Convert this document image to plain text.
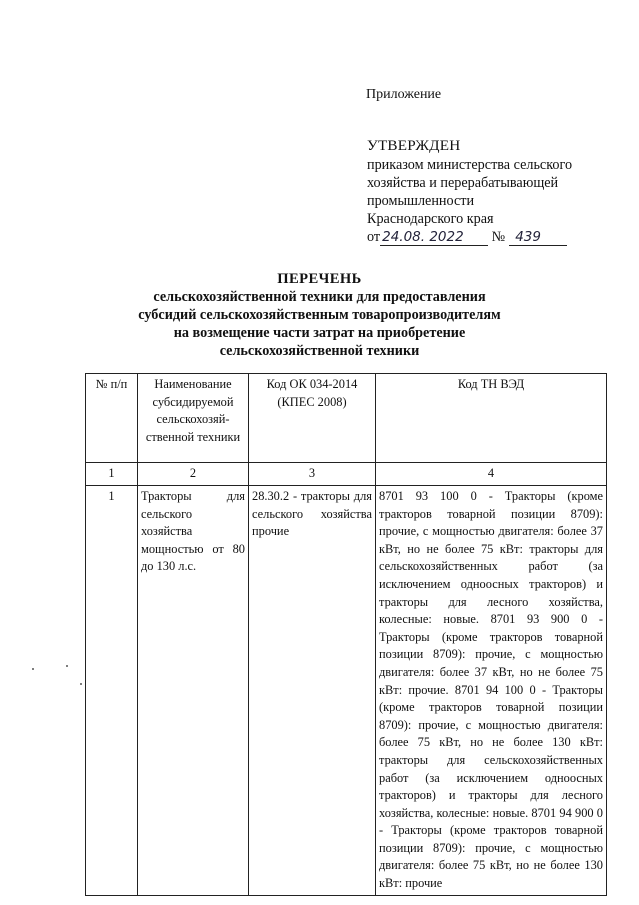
Приложение
УТВЕРЖДЕН
приказом министерства сельского
хозяйства и перерабатывающей
промышленности
Краснодарского края
от 24.08. 2022 № 439
ПЕРЕЧЕНЬ
сельскохозяйственной техники для предоставления
субсидий сельскохозяйственным товаропроизводителям
на возмещение части затрат на приобретение
сельскохозяйственной техники
№ п/п	Наименование субсидируемой сельскохозяй-ственной техники	Код ОК 034-2014 (КПЕС 2008)	Код ТН ВЭД
1	2	3	4
1	Тракторы для сельского хозяйства мощностью от 80 до 130 л.с.	28.30.2 - тракторы для сельского хозяйства прочие	8701 93 100 0 - Тракторы (кроме тракторов товарной позиции 8709): прочие, с мощностью двигателя: более 37 кВт, но не более 75 кВт: тракторы для сельскохозяйственных работ (за исключением одноосных тракторов) и тракторы для лесного хозяйства, колесные: новые. 8701 93 900 0 - Тракторы (кроме тракторов товарной позиции 8709): прочие, с мощностью двигателя: более 37 кВт, но не более 75 кВт: прочие. 8701 94 100 0 - Тракторы (кроме тракторов товарной позиции 8709): прочие, с мощностью двигателя: более 75 кВт, но не более 130 кВт: тракторы для сельскохозяйственных работ (за исключением одноосных тракторов) и тракторы для лесного хозяйства, колесные: новые. 8701 94 900 0 - Тракторы (кроме тракторов товарной позиции 8709): прочие, с мощностью двигателя: более 75 кВт, но не более 130 кВт: прочие
